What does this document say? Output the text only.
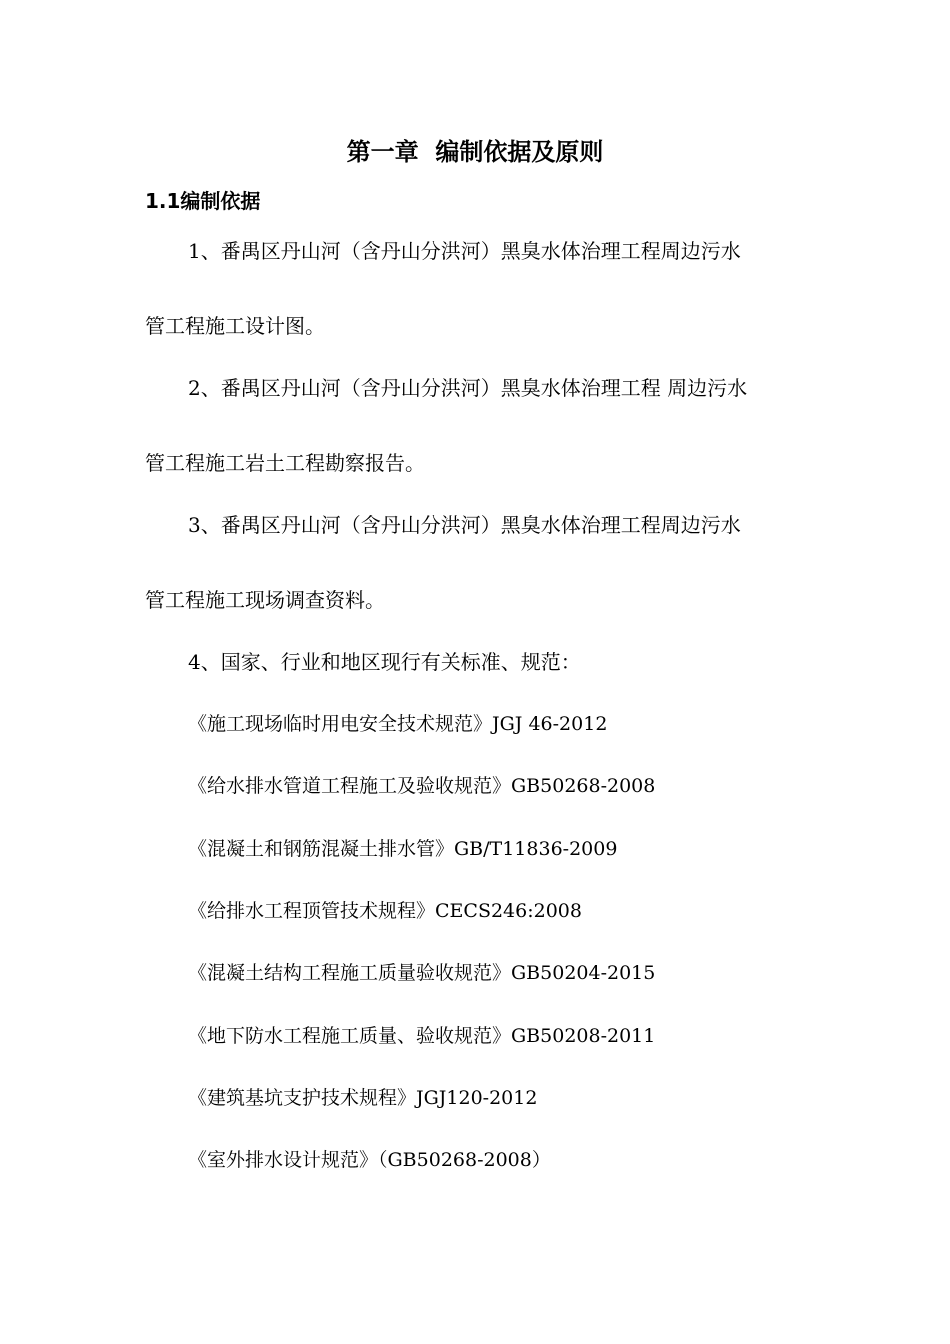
第一章  编制依据及原则
1.1编制依据
1、番禺区丹山河（含丹山分洪河）黑臭水体治理工程周边污水
管工程施工设计图。
2、番禺区丹山河（含丹山分洪河）黑臭水体治理工程 周边污水
管工程施工岩土工程勘察报告。
3、番禺区丹山河（含丹山分洪河）黑臭水体治理工程周边污水
管工程施工现场调查资料。
4、国家、行业和地区现行有关标准、规范：
《施工现场临时用电安全技术规范》JGJ 46-2012
《给水排水管道工程施工及验收规范》GB50268-2008
《混凝土和钢筋混凝土排水管》GB/T11836-2009
《给排水工程顶管技术规程》CECS246:2008
《混凝土结构工程施工质量验收规范》GB50204-2015
《地下防水工程施工质量、验收规范》GB50208-2011
《建筑基坑支护技术规程》JGJ120-2012
《室外排水设计规范》（GB50268-2008）
